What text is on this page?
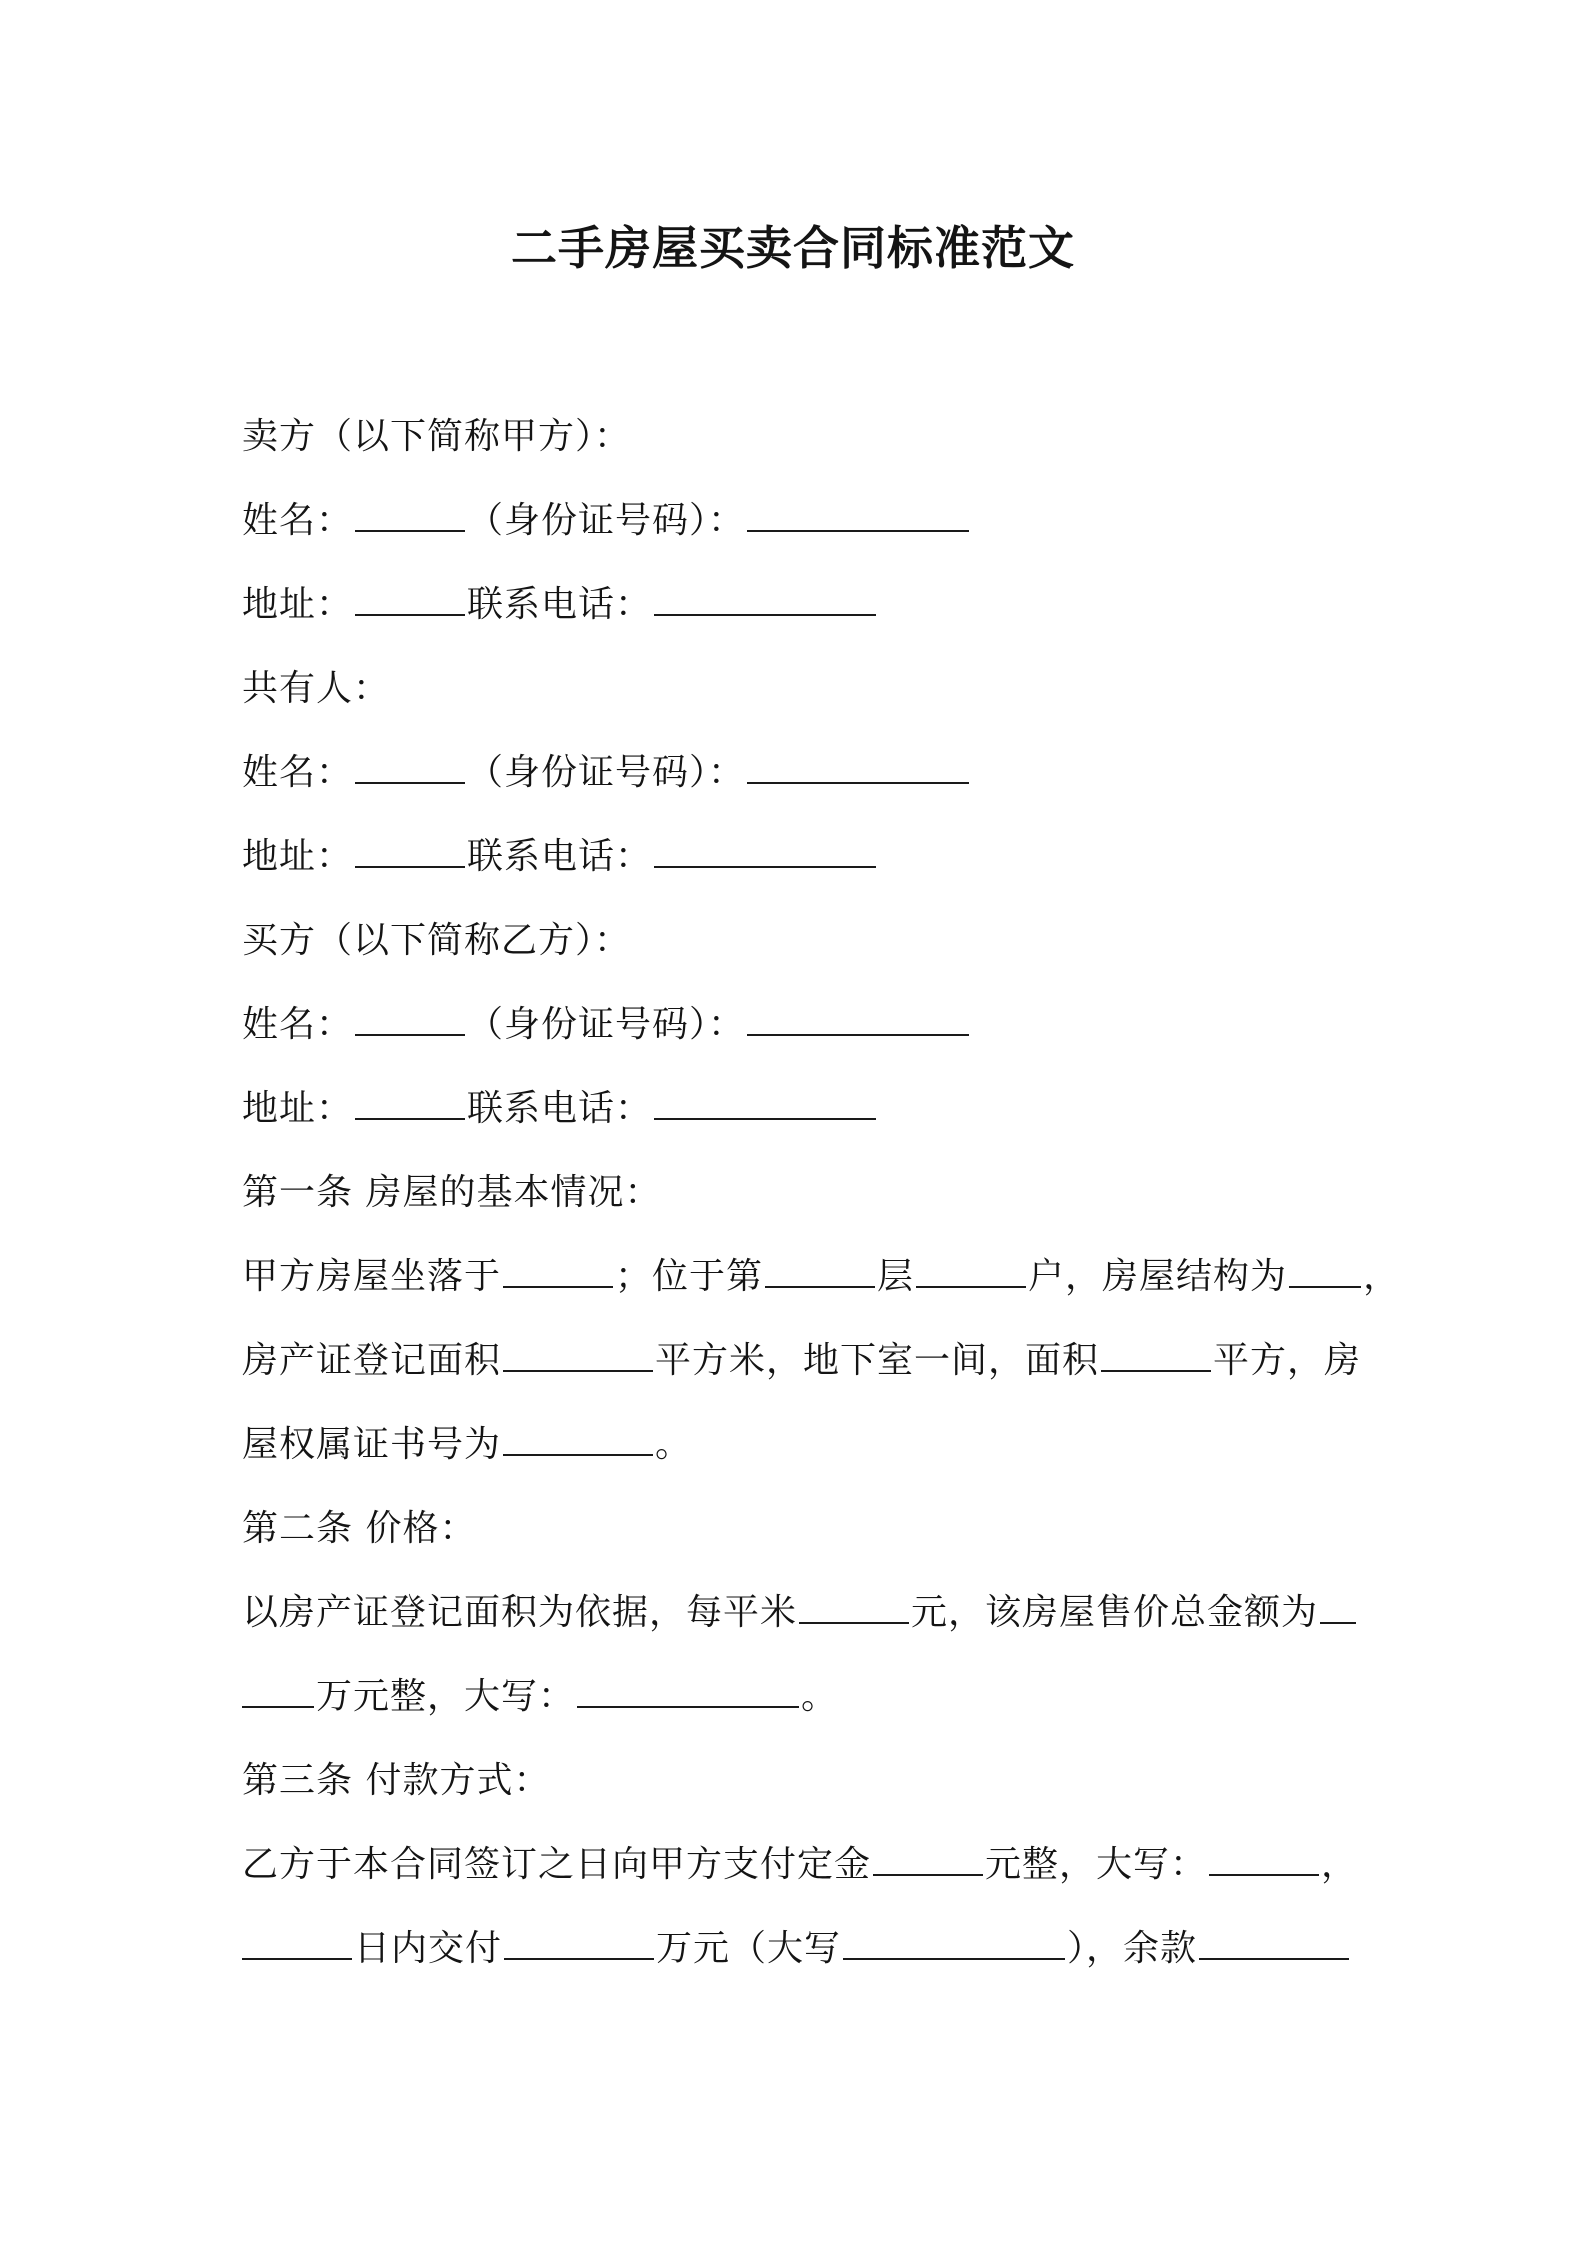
二手房屋买卖合同标准范文
卖方（以下简称甲方）：
姓名：	（身份证号码）：
地址：	联系电话：
共有人：
姓名：	（身份证号码）：
地址：	联系电话：
买方（以下简称乙方）：
姓名：	（身份证号码）：
地址：	联系电话：
第一条 房屋的基本情况：
甲方房屋坐落于	；位于第	层	户，房屋结构为 ，
房产证登记面积	平方米，地下室一间，面积	平方，房
屋权属证书号为	。
第二条 价格：
以房产证登记面积为依据，每平米	元，该房屋售价总金额为
万元整，大写：	。
第三条 付款方式：
乙方于本合同签订之日向甲方支付定金	元整，大写：	，
日内交付	万元（大写	），余款
